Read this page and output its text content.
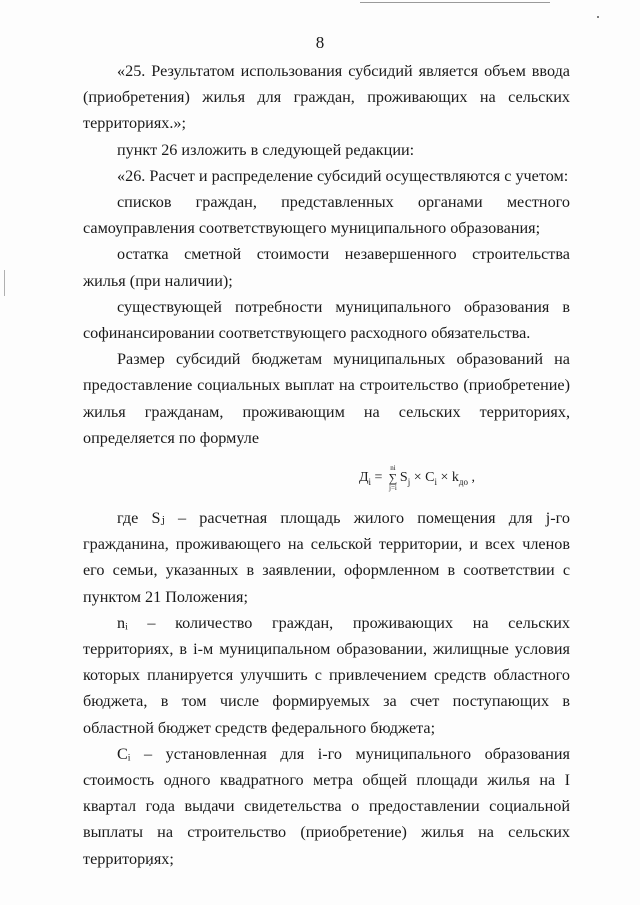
8

«25. Результатом использования субсидий является объем ввода (приобретения) жилья для граждан, проживающих на сельских территориях.»;

пункт 26 изложить в следующей редакции:

«26. Расчет и распределение субсидий осуществляются с учетом:

списков граждан, представленных органами местного самоуправления соответствующего муниципального образования;

остатка сметной стоимости незавершенного строительства жилья (при наличии);

существующей потребности муниципального образования в софинансировании соответствующего расходного обязательства.

Размер субсидий бюджетам муниципальных образований на предоставление социальных выплат на строительство (приобретение) жилья гражданам, проживающим на сельских территориях, определяется по формуле

$Д_i$ =
ni
∑
j=i
$S_j \times C_i \times k_{до}$ ,

где Sⱼ – расчетная площадь жилого помещения для j-го гражданина, проживающего на сельской территории, и всех членов его семьи, указанных в заявлении, оформленном в соответствии с пунктом 21 Положения;

nᵢ – количество граждан, проживающих на сельских территориях, в i-м муниципальном образовании, жилищные условия которых планируется улучшить с привлечением средств областного бюджета, в том числе формируемых за счет поступающих в областной бюджет средств федерального бюджета;

Cᵢ – установленная для i-го муниципального образования стоимость одного квадратного метра общей площади жилья на I квартал года выдачи свидетельства о предоставлении социальной выплаты на строительство (приобретение) жилья на сельских территориях;
